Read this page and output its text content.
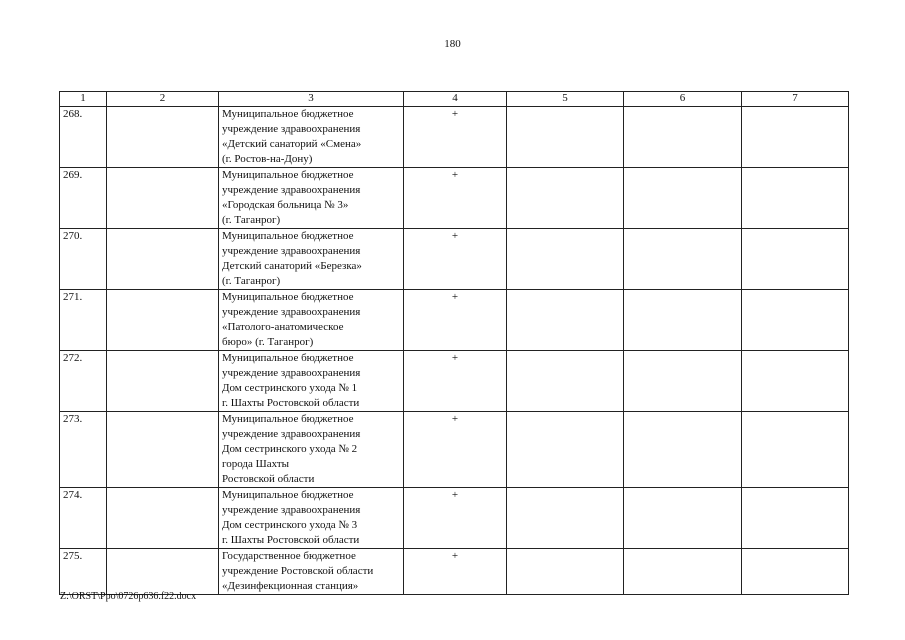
180
1	2	3	4	5	6	7
268.		Муниципальное бюджетное
учреждение здравоохранения
«Детский санаторий «Смена»
(г. Ростов-на-Дону)	+			
269.		Муниципальное бюджетное
учреждение здравоохранения
«Городская больница № 3»
(г. Таганрог)	+			
270.		Муниципальное бюджетное
учреждение здравоохранения
Детский санаторий «Березка»
(г. Таганрог)	+			
271.		Муниципальное бюджетное
учреждение здравоохранения
«Патолого-анатомическое
бюро» (г. Таганрог)	+			
272.		Муниципальное бюджетное
учреждение здравоохранения
Дом сестринского ухода № 1
г. Шахты Ростовской области	+			
273.		Муниципальное бюджетное
учреждение здравоохранения
Дом сестринского ухода № 2
города Шахты
Ростовской области	+			
274.		Муниципальное бюджетное
учреждение здравоохранения
Дом сестринского ухода № 3
г. Шахты Ростовской области	+			
275.		Государственное бюджетное
учреждение Ростовской области
«Дезинфекционная станция»	+			
Z:\ORST\Ppo\0726p636.f22.docx
